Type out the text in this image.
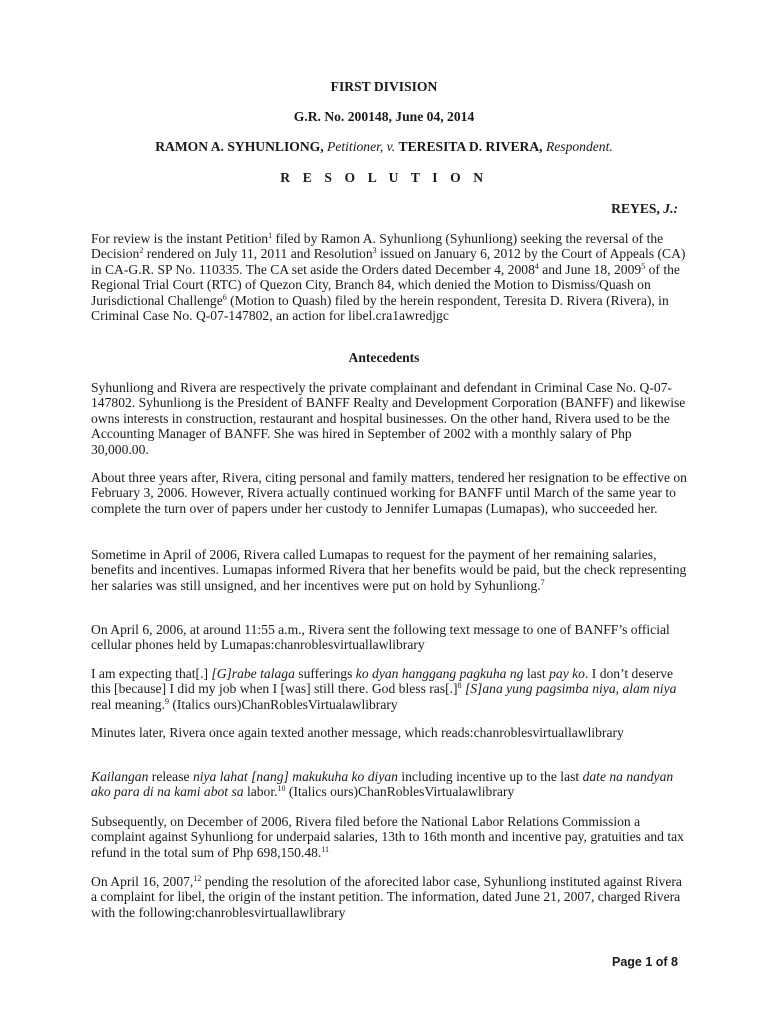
FIRST DIVISION
G.R. No. 200148, June 04, 2014
RAMON A. SYHUNLIONG, Petitioner, v. TERESITA D. RIVERA, Respondent.
R E S O L U T I O N
REYES, J.:

For review is the instant Petition$^1$ filed by Ramon A. Syhunliong (Syhunliong) seeking the reversal of the Decision$^2$ rendered on July 11, 2011 and Resolution$^3$ issued on January 6, 2012 by the Court of Appeals (CA) in CA-G.R. SP No. 110335. The CA set aside the Orders dated December 4, 2008$^4$ and June 18, 2009$^5$ of the Regional Trial Court (RTC) of Quezon City, Branch 84, which denied the Motion to Dismiss/Quash on Jurisdictional Challenge$^6$ (Motion to Quash) filed by the herein respondent, Teresita D. Rivera (Rivera), in Criminal Case No. Q-07-147802, an action for libel.cra1awredjgc

Antecedents

Syhunliong and Rivera are respectively the private complainant and defendant in Criminal Case No. Q-07-147802. Syhunliong is the President of BANFF Realty and Development Corporation (BANFF) and likewise owns interests in construction, restaurant and hospital businesses. On the other hand, Rivera used to be the Accounting Manager of BANFF. She was hired in September of 2002 with a monthly salary of Php 30,000.00.

About three years after, Rivera, citing personal and family matters, tendered her resignation to be effective on February 3, 2006. However, Rivera actually continued working for BANFF until March of the same year to complete the turn over of papers under her custody to Jennifer Lumapas (Lumapas), who succeeded her.

Sometime in April of 2006, Rivera called Lumapas to request for the payment of her remaining salaries, benefits and incentives. Lumapas informed Rivera that her benefits would be paid, but the check representing her salaries was still unsigned, and her incentives were put on hold by Syhunliong.$^7$

On April 6, 2006, at around 11:55 a.m., Rivera sent the following text message to one of BANFF’s official cellular phones held by Lumapas:chanroblesvirtuallawlibrary

I am expecting that[.] [G]rabe talaga sufferings ko dyan hanggang pagkuha ng last pay ko. I don’t deserve this [because] I did my job when I [was] still there. God bless ras[.]$^8$ [S]ana yung pagsimba niya, alam niya real meaning.$^9$ (Italics ours)ChanRoblesVirtualawlibrary

Minutes later, Rivera once again texted another message, which reads:chanroblesvirtuallawlibrary

Kailangan release niya lahat [nang] makukuha ko diyan including incentive up to the last date na nandyan ako para di na kami abot sa labor.$^{10}$ (Italics ours)ChanRoblesVirtualawlibrary

Subsequently, on December of 2006, Rivera filed before the National Labor Relations Commission a complaint against Syhunliong for underpaid salaries, 13th to 16th month and incentive pay, gratuities and tax refund in the total sum of Php 698,150.48.11

On April 16, 2007,12 pending the resolution of the aforecited labor case, Syhunliong instituted against Rivera a complaint for libel, the origin of the instant petition. The information, dated June 21, 2007, charged Rivera with the following:chanroblesvirtuallawlibrary

Page 1 of 8
